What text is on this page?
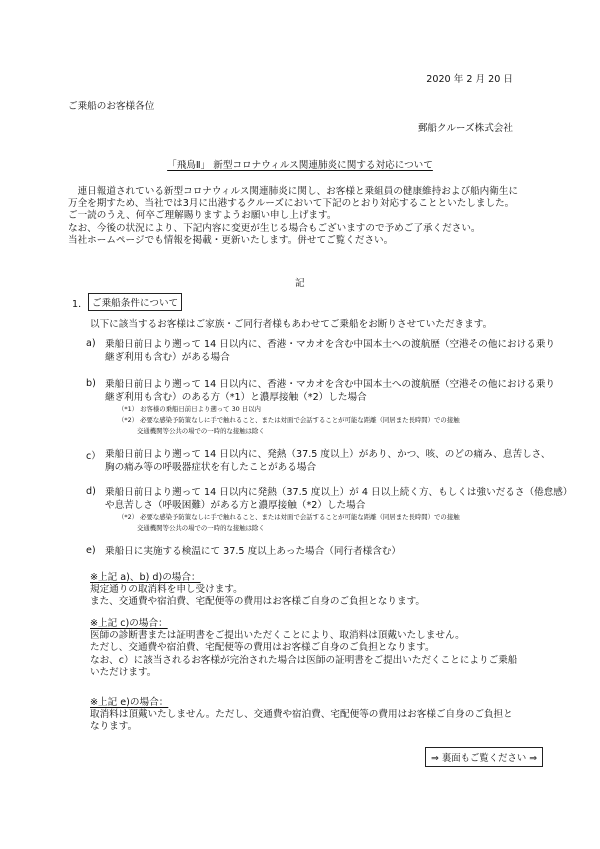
2020 年 2 月 20 日
ご乗船のお客様各位
郵船クルーズ株式会社
「飛鳥Ⅱ」 新型コロナウィルス関連肺炎に関する対応について
　連日報道されている新型コロナウィルス関連肺炎に関し、お客様と乗組員の健康維持および船内衛生に
万全を期すため、当社では3月に出港するクルーズにおいて下記のとおり対応することといたしました。
ご一読のうえ、何卒ご理解賜りますようお願い申し上げます。
なお、今後の状況により、下記内容に変更が生じる場合もございますので予めご了承ください。
当社ホームページでも情報を掲載・更新いたします。併せてご覧ください。
記
1． ご乗船条件について
以下に該当するお客様はご家族・ご同行者様もあわせてご乗船をお断りさせていただきます。
a) 乗船日前日より遡って 14 日以内に、香港・マカオを含む中国本土への渡航歴（空港その他における乗り
継ぎ利用も含む）がある場合
b) 乗船日前日より遡って 14 日以内に、香港・マカオを含む中国本土への渡航歴（空港その他における乗り
継ぎ利用も含む）のある方（*1）と濃厚接触（*2）した場合
（*1） お客様の乗船日前日より遡って 30 日以内
（*2） 必要な感染予防策なしに手で触れること、または対面で会話することが可能な距離（同居また長時間）での接触
交通機関等公共の場での一時的な接触は除く
c） 乗船日前日より遡って 14 日以内に、発熱（37.5 度以上）があり、かつ、咳、のどの痛み、息苦しさ、
胸の痛み等の呼吸器症状を有したことがある場合
d) 乗船日前日より遡って 14 日以内に発熱（37.5 度以上）が 4 日以上続く方、もしくは強いだるさ（倦怠感）
や息苦しさ（呼吸困難）がある方と濃厚接触（*2）した場合
（*2） 必要な感染予防策なしに手で触れること、または対面で会話することが可能な距離（同居また長時間）での接触
交通機関等公共の場での一時的な接触は除く
e) 乗船日に実施する検温にて 37.5 度以上あった場合（同行者様含む）
※上記 a)、b) d)の場合：
規定通りの取消料を申し受けます。
また、交通費や宿泊費、宅配便等の費用はお客様ご自身のご負担となります。
※上記 c)の場合：
医師の診断書または証明書をご提出いただくことにより、取消料は頂戴いたしません。
ただし、交通費や宿泊費、宅配便等の費用はお客様ご自身のご負担となります。
なお、c）に該当されるお客様が完治された場合は医師の証明書をご提出いただくことによりご乗船
いただけます。
※上記 e)の場合：
取消料は頂戴いたしません。ただし、交通費や宿泊費、宅配便等の費用はお客様ご自身のご負担と
なります。
⇒ 裏面もご覧ください ⇒
